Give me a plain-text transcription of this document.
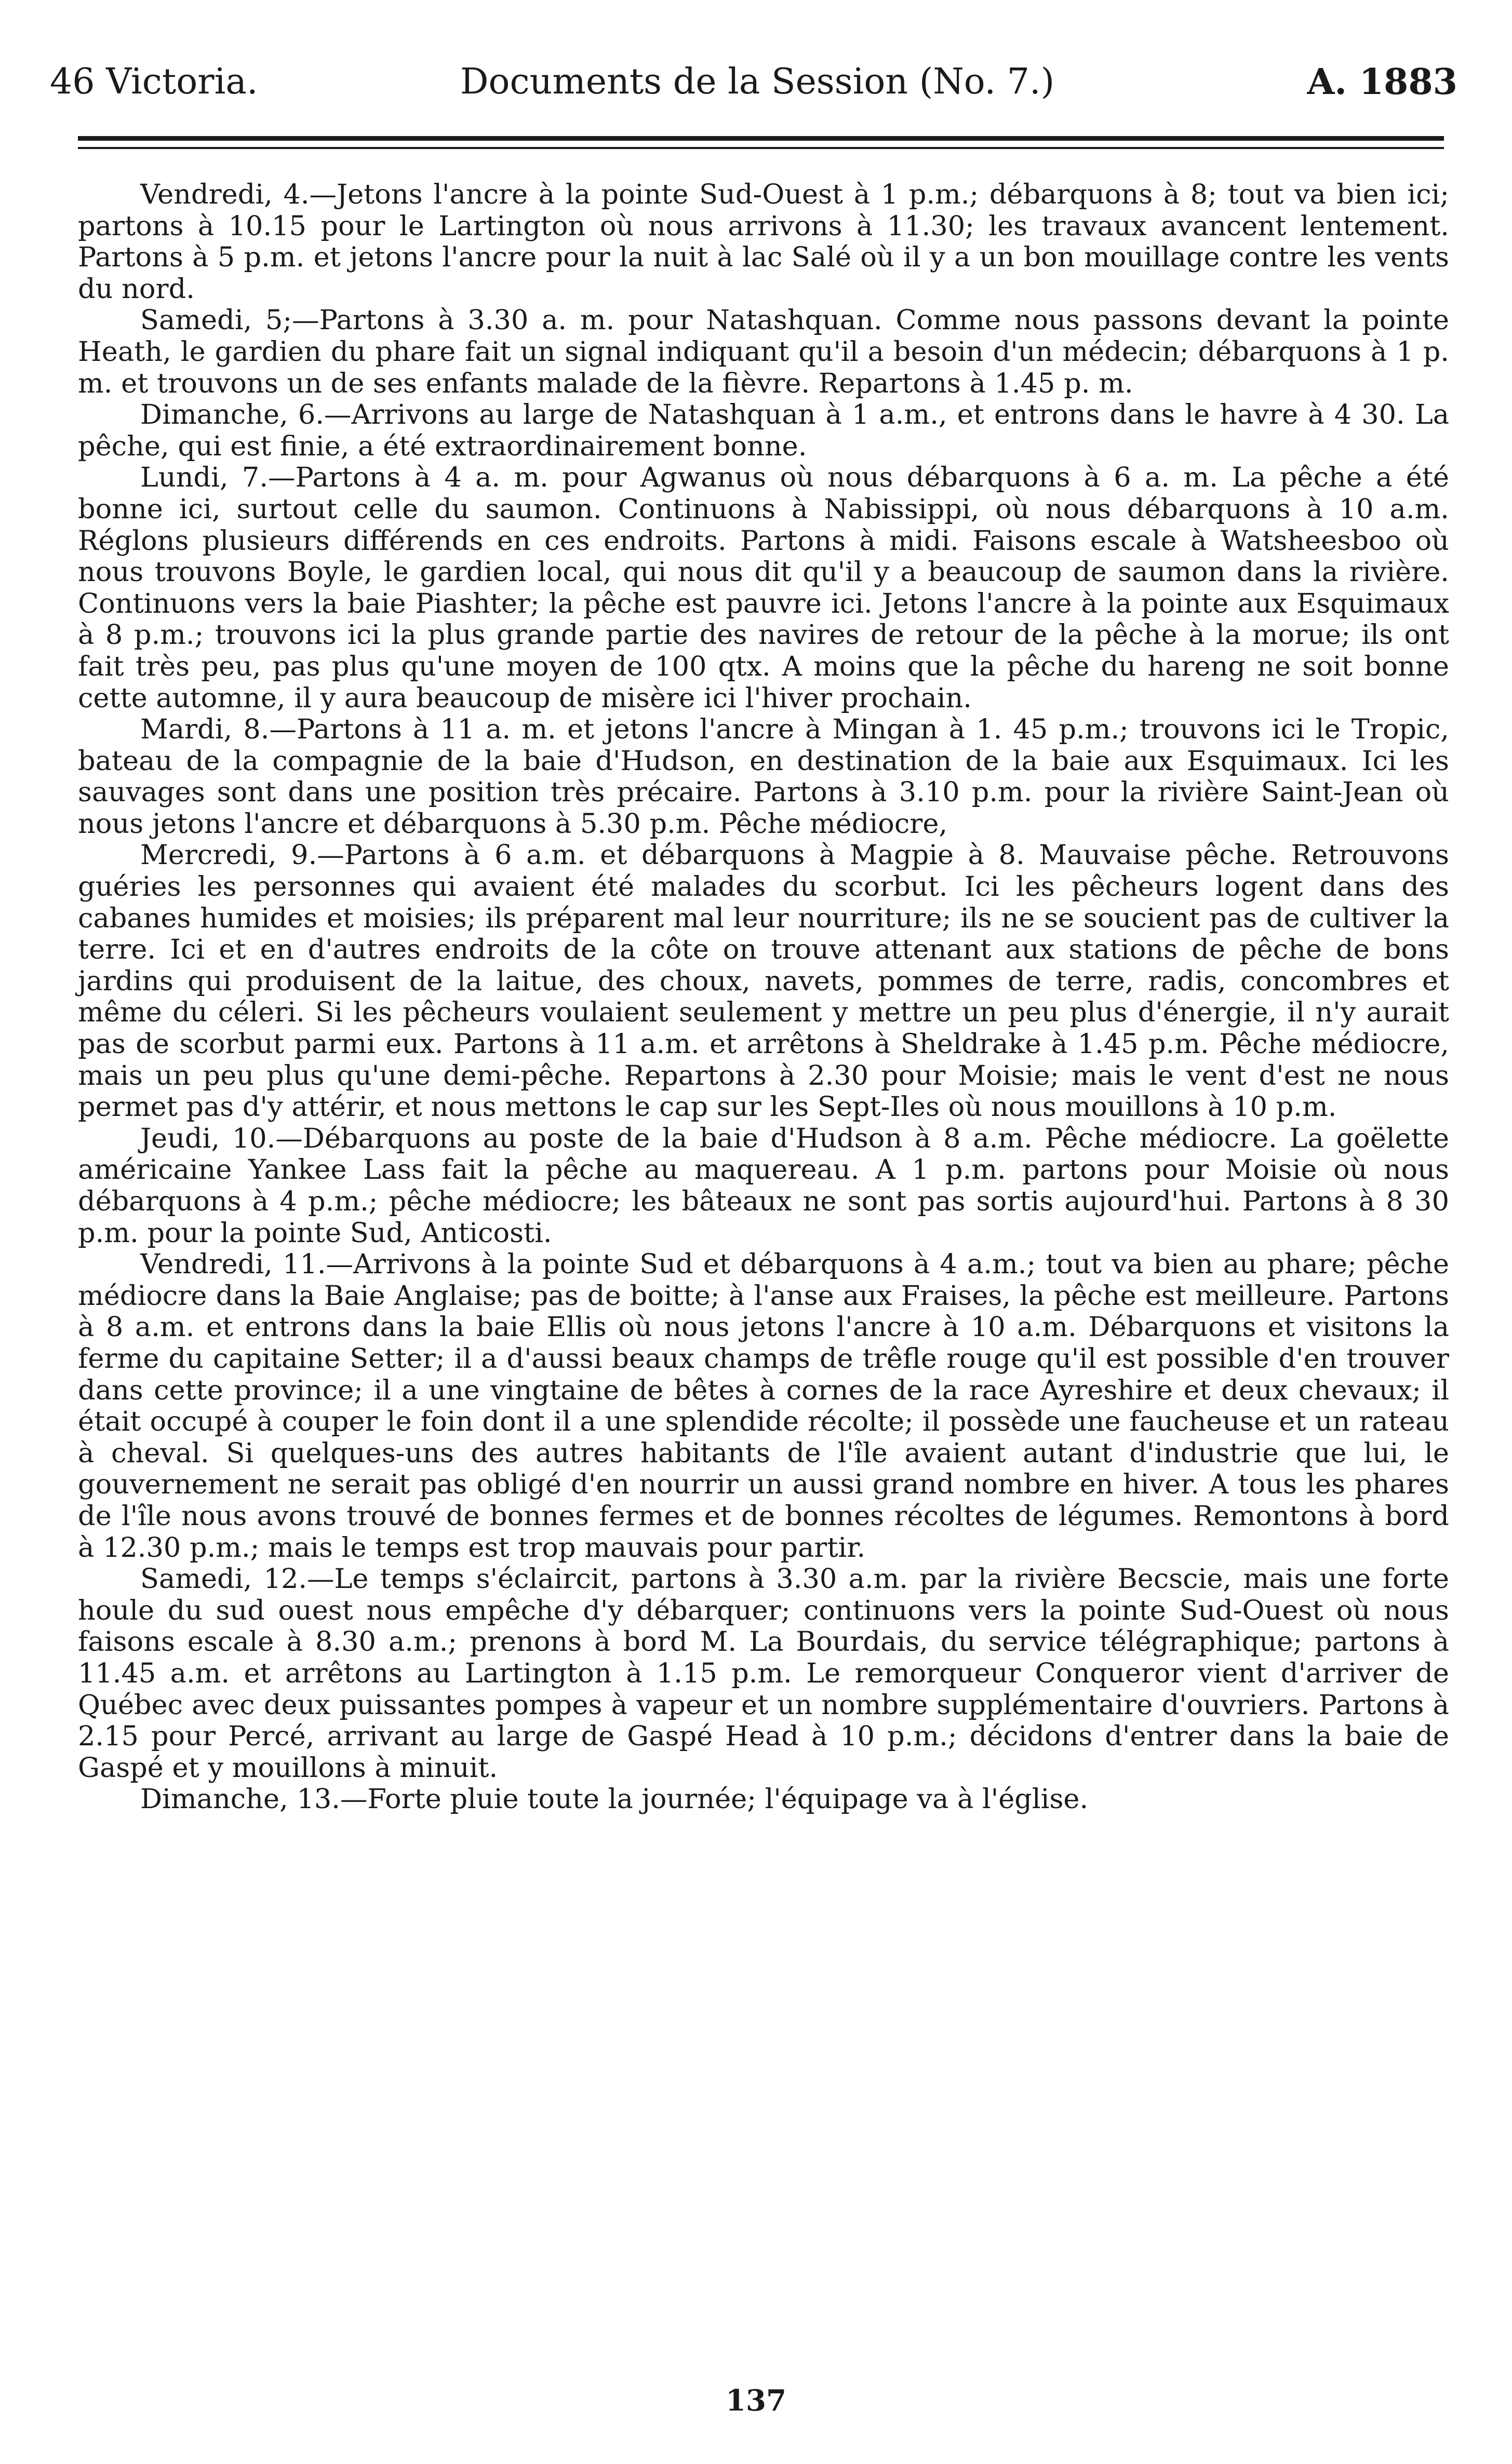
46 Victoria.	Documents de la Session (No. 7.)	A. 1883

Vendredi, 4.—Jetons l'ancre à la pointe Sud-Ouest à 1 p.m.; débarquons à 8; tout va bien ici; partons à 10.15 pour le Lartington où nous arrivons à 11.30; les travaux avancent lentement. Partons à 5 p.m. et jetons l'ancre pour la nuit à lac Salé où il y a un bon mouillage contre les vents du nord.

Samedi, 5;—Partons à 3.30 a. m. pour Natashquan. Comme nous passons devant la pointe Heath, le gardien du phare fait un signal indiquant qu'il a besoin d'un médecin; débarquons à 1 p. m. et trouvons un de ses enfants malade de la fièvre. Repartons à 1.45 p. m.

Dimanche, 6.—Arrivons au large de Natashquan à 1 a.m., et entrons dans le havre à 4 30. La pêche, qui est finie, a été extraordinairement bonne.

Lundi, 7.—Partons à 4 a. m. pour Agwanus où nous débarquons à 6 a. m. La pêche a été bonne ici, surtout celle du saumon. Continuons à Nabissippi, où nous débarquons à 10 a.m. Réglons plusieurs différends en ces endroits. Partons à midi. Faisons escale à Watsheesboo où nous trouvons Boyle, le gardien local, qui nous dit qu'il y a beaucoup de saumon dans la rivière. Continuons vers la baie Piashter; la pêche est pauvre ici. Jetons l'ancre à la pointe aux Esquimaux à 8 p.m.; trouvons ici la plus grande partie des navires de retour de la pêche à la morue; ils ont fait très peu, pas plus qu'une moyen de 100 qtx. A moins que la pêche du hareng ne soit bonne cette automne, il y aura beaucoup de misère ici l'hiver prochain.

Mardi, 8.—Partons à 11 a. m. et jetons l'ancre à Mingan à 1. 45 p.m.; trouvons ici le Tropic, bateau de la compagnie de la baie d'Hudson, en destination de la baie aux Esquimaux. Ici les sauvages sont dans une position très précaire. Partons à 3.10 p.m. pour la rivière Saint-Jean où nous jetons l'ancre et débarquons à 5.30 p.m. Pêche médiocre,

Mercredi, 9.—Partons à 6 a.m. et débarquons à Magpie à 8. Mauvaise pêche. Retrouvons guéries les personnes qui avaient été malades du scorbut. Ici les pêcheurs logent dans des cabanes humides et moisies; ils préparent mal leur nourriture; ils ne se soucient pas de cultiver la terre. Ici et en d'autres endroits de la côte on trouve attenant aux stations de pêche de bons jardins qui produisent de la laitue, des choux, navets, pommes de terre, radis, concombres et même du céleri. Si les pêcheurs voulaient seulement y mettre un peu plus d'énergie, il n'y aurait pas de scorbut parmi eux. Partons à 11 a.m. et arrêtons à Sheldrake à 1.45 p.m. Pêche médiocre, mais un peu plus qu'une demi-pêche. Repartons à 2.30 pour Moisie; mais le vent d'est ne nous permet pas d'y attérir, et nous mettons le cap sur les Sept-Iles où nous mouillons à 10 p.m.

Jeudi, 10.—Débarquons au poste de la baie d'Hudson à 8 a.m. Pêche médiocre. La goëlette américaine Yankee Lass fait la pêche au maquereau. A 1 p.m. partons pour Moisie où nous débarquons à 4 p.m.; pêche médiocre; les bâteaux ne sont pas sortis aujourd'hui. Partons à 8 30 p.m. pour la pointe Sud, Anticosti.

Vendredi, 11.—Arrivons à la pointe Sud et débarquons à 4 a.m.; tout va bien au phare; pêche médiocre dans la Baie Anglaise; pas de boitte; à l'anse aux Fraises, la pêche est meilleure. Partons à 8 a.m. et entrons dans la baie Ellis où nous jetons l'ancre à 10 a.m. Débarquons et visitons la ferme du capitaine Setter; il a d'aussi beaux champs de trêfle rouge qu'il est possible d'en trouver dans cette province; il a une vingtaine de bêtes à cornes de la race Ayreshire et deux chevaux; il était occupé à couper le foin dont il a une splendide récolte; il possède une faucheuse et un rateau à cheval. Si quelques-uns des autres habitants de l'île avaient autant d'industrie que lui, le gouvernement ne serait pas obligé d'en nourrir un aussi grand nombre en hiver. A tous les phares de l'île nous avons trouvé de bonnes fermes et de bonnes récoltes de légumes. Remontons à bord à 12.30 p.m.; mais le temps est trop mauvais pour partir.

Samedi, 12.—Le temps s'éclaircit, partons à 3.30 a.m. par la rivière Becscie, mais une forte houle du sud ouest nous empêche d'y débarquer; continuons vers la pointe Sud-Ouest où nous faisons escale à 8.30 a.m.; prenons à bord M. La Bourdais, du service télégraphique; partons à 11.45 a.m. et arrêtons au Lartington à 1.15 p.m. Le remorqueur Conqueror vient d'arriver de Québec avec deux puissantes pompes à vapeur et un nombre supplémentaire d'ouvriers. Partons à 2.15 pour Percé, arrivant au large de Gaspé Head à 10 p.m.; décidons d'entrer dans la baie de Gaspé et y mouillons à minuit.

Dimanche, 13.—Forte pluie toute la journée; l'équipage va à l'église.

137
